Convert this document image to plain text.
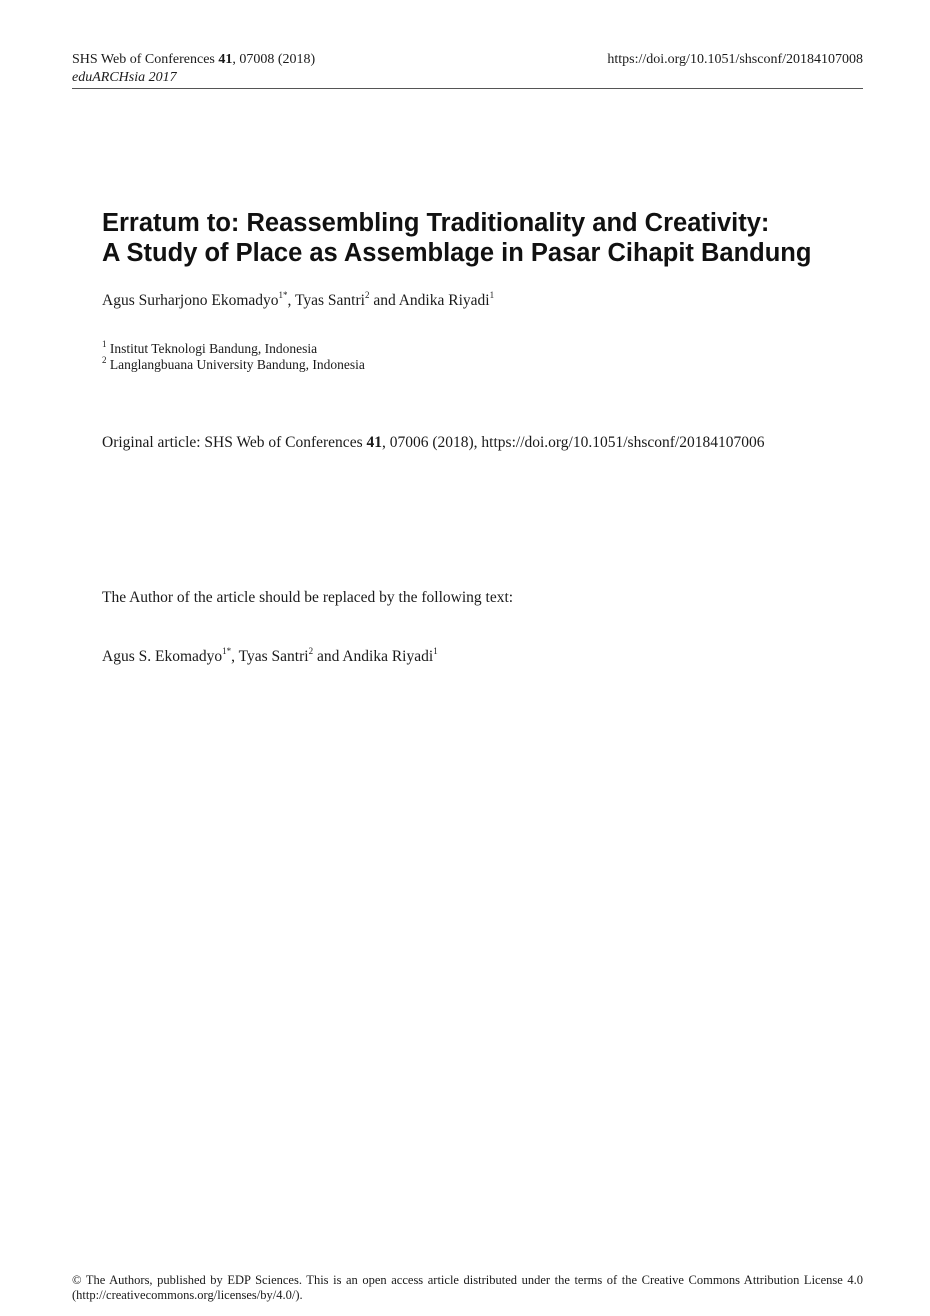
SHS Web of Conferences 41, 07008 (2018)
eduARCHsia 2017
https://doi.org/10.1051/shsconf/20184107008
Erratum to: Reassembling Traditionality and Creativity:
A Study of Place as Assemblage in Pasar Cihapit Bandung
Agus Surharjono Ekomadyo$^{1*}$, Tyas Santri$^2$ and Andika Riyadi$^1$
$^1$ Institut Teknologi Bandung, Indonesia
$^2$ Langlangbuana University Bandung, Indonesia
Original article: SHS Web of Conferences 41, 07006 (2018), https://doi.org/10.1051/shsconf/20184107006
The Author of the article should be replaced by the following text:
Agus S. Ekomadyo$^{1*}$, Tyas Santri$^2$ and Andika Riyadi$^1$
© The Authors, published by EDP Sciences. This is an open access article distributed under the terms of the Creative Commons Attribution License 4.0 (http://creativecommons.org/licenses/by/4.0/).
